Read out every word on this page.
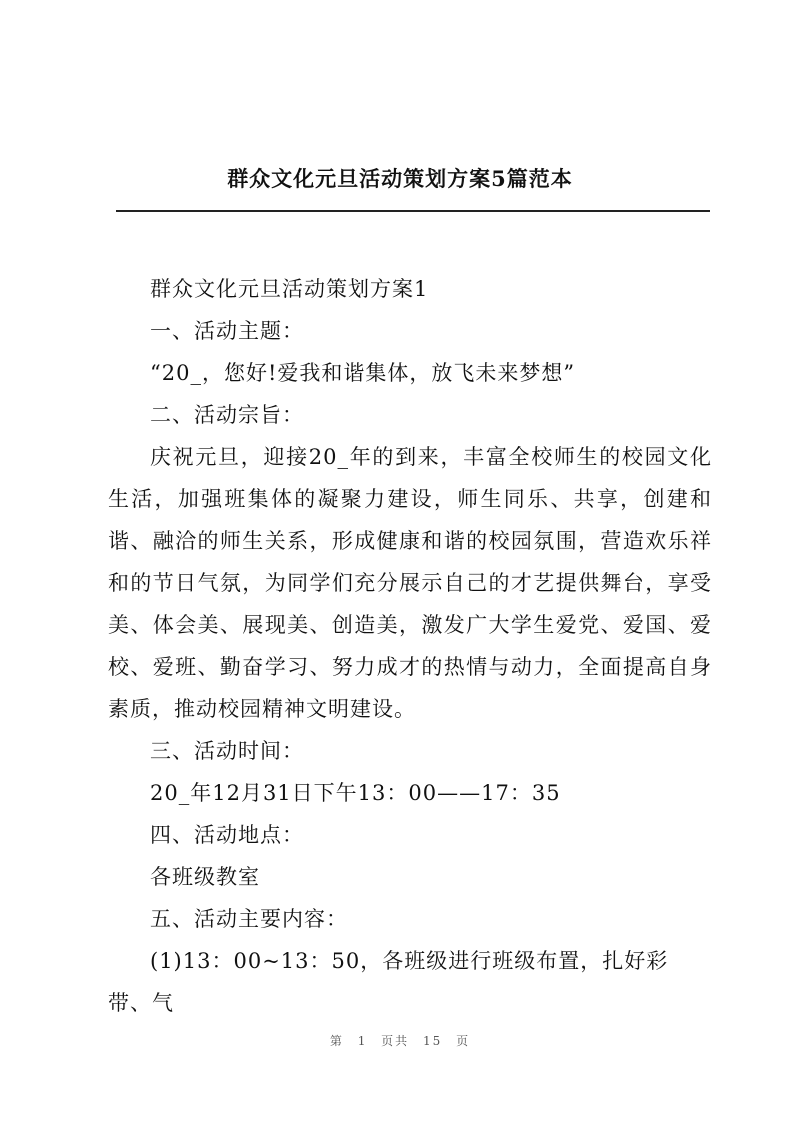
群众文化元旦活动策划方案5篇范本

群众文化元旦活动策划方案1

一、活动主题：

“20_，您好!爱我和谐集体，放飞未来梦想”

二、活动宗旨：

庆祝元旦，迎接20_年的到来，丰富全校师生的校园文化生活，加强班集体的凝聚力建设，师生同乐、共享，创建和谐、融洽的师生关系，形成健康和谐的校园氛围，营造欢乐祥和的节日气氛，为同学们充分展示自己的才艺提供舞台，享受美、体会美、展现美、创造美，激发广大学生爱党、爱国、爱校、爱班、勤奋学习、努力成才的热情与动力，全面提高自身素质，推动校园精神文明建设。

三、活动时间：

20_年12月31日下午13：00——17：35

四、活动地点：

各班级教室

五、活动主要内容：

(1)13：00~13：50，各班级进行班级布置，扎好彩带、气

第 1 页共 15 页
